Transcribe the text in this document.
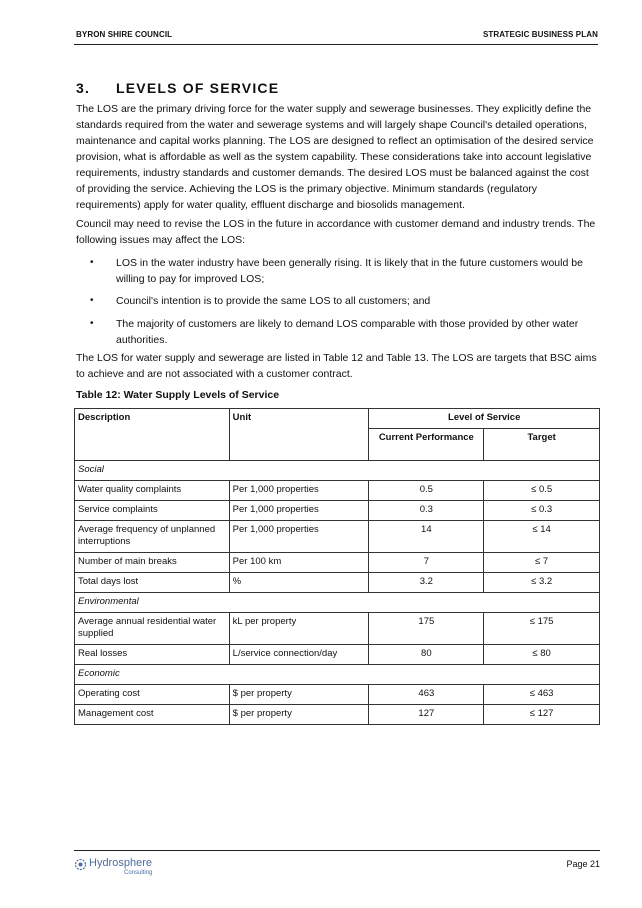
BYRON SHIRE COUNCIL	STRATEGIC BUSINESS PLAN
3. LEVELS OF SERVICE
The LOS are the primary driving force for the water supply and sewerage businesses. They explicitly define the standards required from the water and sewerage systems and will largely shape Council's detailed operations, maintenance and capital works planning. The LOS are designed to reflect an optimisation of the desired service provision, what is affordable as well as the system capability. These considerations take into account legislative requirements, industry standards and customer demands. The desired LOS must be balanced against the cost of providing the service. Achieving the LOS is the primary objective. Minimum standards (regulatory requirements) apply for water quality, effluent discharge and biosolids management.
Council may need to revise the LOS in the future in accordance with customer demand and industry trends. The following issues may affect the LOS:
• LOS in the water industry have been generally rising. It is likely that in the future customers would be willing to pay for improved LOS;
• Council's intention is to provide the same LOS to all customers; and
• The majority of customers are likely to demand LOS comparable with those provided by other water authorities.
The LOS for water supply and sewerage are listed in Table 12 and Table 13. The LOS are targets that BSC aims to achieve and are not associated with a customer contract.
Table 12: Water Supply Levels of Service
Description	Unit	Level of Service	
		Current Performance	Target
Social			
Water quality complaints	Per 1,000 properties	0.5	≤ 0.5
Service complaints	Per 1,000 properties	0.3	≤ 0.3
Average frequency of unplanned interruptions	Per 1,000 properties	14	≤ 14
Number of main breaks	Per 100 km	7	≤ 7
Total days lost	%	3.2	≤ 3.2
Environmental			
Average annual residential water supplied	kL per property	175	≤ 175
Real losses	L/service connection/day	80	≤ 80
Economic			
Operating cost	$ per property	463	≤ 463
Management cost	$ per property	127	≤ 127
Hydrosphere
Consulting
Page 21
